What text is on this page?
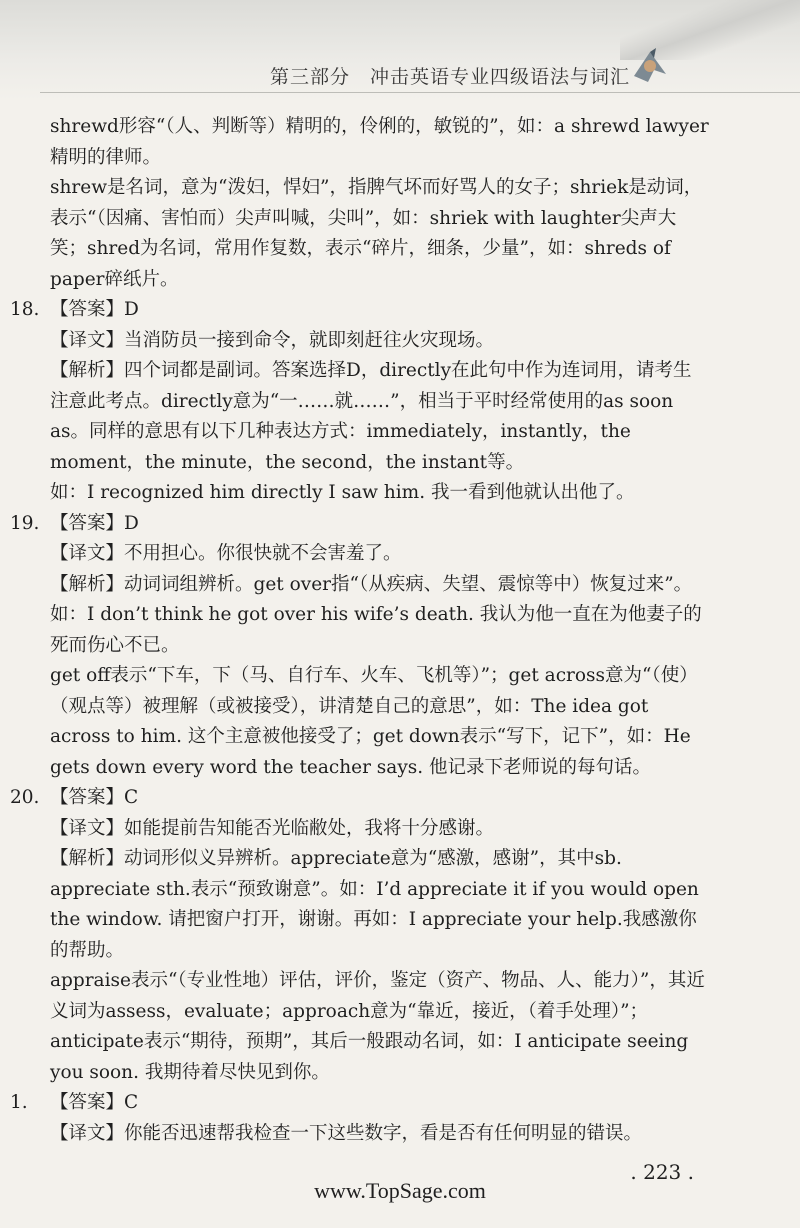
第三部分　冲击英语专业四级语法与词汇

shrewd形容“（人、判断等）精明的，伶俐的，敏锐的”，如：a shrewd lawyer精明的律师。

shrew是名词，意为“泼妇，悍妇”，指脾气坏而好骂人的女子；shriek是动词，表示“（因痛、害怕而）尖声叫喊，尖叫”，如：shriek with laughter尖声大笑；shred为名词，常用作复数，表示“碎片，细条，少量”，如：shreds of paper碎纸片。

18. 【答案】D

【译文】当消防员一接到命令，就即刻赶往火灾现场。

【解析】四个词都是副词。答案选择D，directly在此句中作为连词用，请考生注意此考点。directly意为“一……就……”，相当于平时经常使用的as soon as。同样的意思有以下几种表达方式：immediately，instantly，the moment，the minute，the second，the instant等。

如：I recognized him directly I saw him. 我一看到他就认出他了。

19. 【答案】D

【译文】不用担心。你很快就不会害羞了。

【解析】动词词组辨析。get over指“（从疾病、失望、震惊等中）恢复过来”。如：I don’t think he got over his wife’s death. 我认为他一直在为他妻子的死而伤心不已。

get off表示“下车，下（马、自行车、火车、飞机等）”；get across意为“（使）（观点等）被理解（或被接受），讲清楚自己的意思”，如：The idea got across to him. 这个主意被他接受了；get down表示“写下，记下”，如：He gets down every word the teacher says. 他记录下老师说的每句话。

20. 【答案】C

【译文】如能提前告知能否光临敝处，我将十分感谢。

【解析】动词形似义异辨析。appreciate意为“感激，感谢”，其中sb. appreciate sth.表示“预致谢意”。如：I’d appreciate it if you would open the window. 请把窗户打开，谢谢。再如：I appreciate your help.我感激你的帮助。

appraise表示“（专业性地）评估，评价，鉴定（资产、物品、人、能力）”，其近义词为assess，evaluate；approach意为“靠近，接近，（着手处理）”；anticipate表示“期待，预期”，其后一般跟动名词，如：I anticipate seeing you soon. 我期待着尽快见到你。

1.	【答案】C

【译文】你能否迅速帮我检查一下这些数字，看是否有任何明显的错误。

. 223 .
www.TopSage.com
